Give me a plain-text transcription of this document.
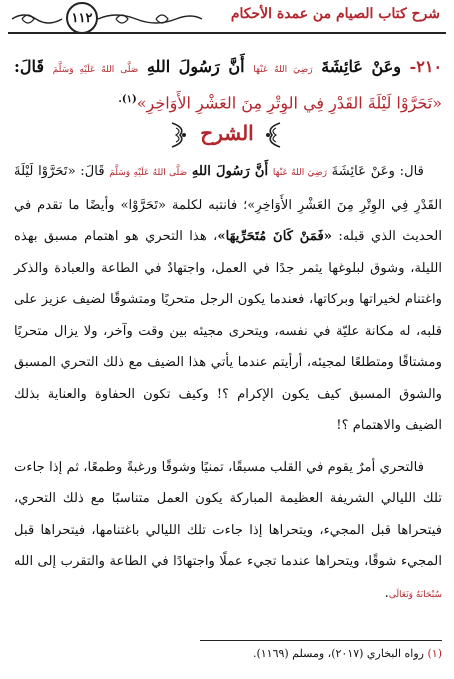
شرح كتاب الصيام من عمدة الأحكام
١١٢
٢١٠- وعَنْ عَائِشَةَ رَضِيَ اللهُ عَنْهَا أَنَّ رَسُولَ اللهِ صَلَّى اللهُ عَلَيْهِ وَسَلَّمَ قَالَ: «تَحَرَّوْا لَيْلَةَ القَدْرِ فِي الوِتْرِ مِنَ العَشْرِ الأَوَاخِرِ»$^{(١).}$
الشرح

قال: وعَنْ عَائِشَةَ رَضِيَ اللهُ عَنْهَا أَنَّ رَسُولَ اللهِ صَلَّى اللهُ عَلَيْهِ وَسَلَّمَ قَالَ: «تَحَرَّوْا لَيْلَةَ القَدْرِ فِي الوِتْرِ مِنَ العَشْرِ الأَوَاخِرِ»؛ فانتبه لكلمة «تَحَرَّوْا» وأيضًا ما تقدم في الحديث الذي قبله: «فَمَنْ كَانَ مُتَحَرِّيهَا»، هذا التحري هو اهتمام مسبق بهذه الليلة، وشوق لبلوغها يثمر جدًا في العمل، واجتهادٌ في الطاعة والعبادة والذكر واغتنام لخيراتها وبركاتها، فعندما يكون الرجل متحريًا ومتشوقًا لضيف عزيز على قلبه، له مكانة عليّة في نفسه، ويتحرى مجيئه بين وقت وآخر، ولا يزال متحريًا ومشتاقًا ومتطلعًا لمجيئه، أرأيتم عندما يأتي هذا الضيف مع ذلك التحري المسبق والشوق المسبق كيف يكون الإكرام ؟! وكيف تكون الحفاوة والعناية بذلك الضيف والاهتمام ؟!

فالتحري أمرٌ يقوم في القلب مسبقًا، تمنيًا وشوقًا ورغبةً وطمعًا، ثم إذا جاءت تلك الليالي الشريفة العظيمة المباركة يكون العمل متناسبًا مع ذلك التحري، فيتحراها قبل المجيء، ويتحراها إذا جاءت تلك الليالي باغتنامها، فيتحراها قبل المجيء شوقًا، ويتحراها عندما تجيء عملًا واجتهادًا في الطاعة والتقرب إلى الله سُبْحَانَهُ وَتَعَالَى.

(١) رواه البخاري (٢٠١٧)، ومسلم (١١٦٩).
